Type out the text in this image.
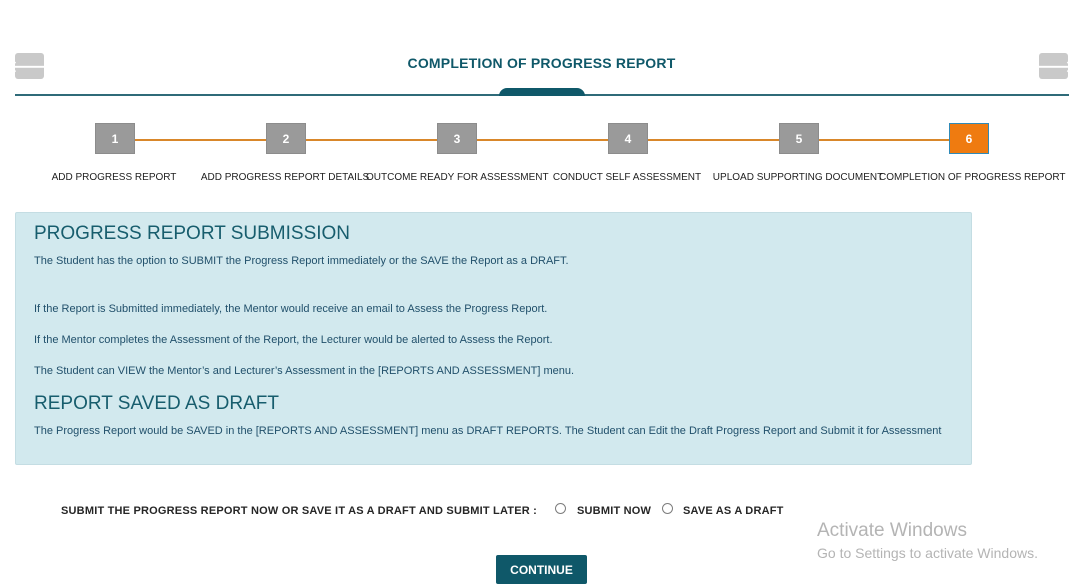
🡐	COMPLETION OF PROGRESS REPORT	🡒
1	2	3	4	5	6
ADD PROGRESS REPORT	ADD PROGRESS REPORT DETAILS
OUTCOME READY FOR ASSESSMENT CONDUCT SELF ASSESSMENT	UPLOAD SUPPORTING DOCUMENT
COMPLETION OF PROGRESS REPORT
PROGRESS REPORT SUBMISSION
The Student has the option to SUBMIT the Progress Report immediately or the SAVE the Report as a DRAFT.
If the Report is Submitted immediately, the Mentor would receive an email to Assess the Progress Report.
If the Mentor completes the Assessment of the Report, the Lecturer would be alerted to Assess the Report.
The Student can VIEW the Mentor’s and Lecturer’s Assessment in the [REPORTS AND ASSESSMENT] menu.
REPORT SAVED AS DRAFT
The Progress Report would be SAVED in the [REPORTS AND ASSESSMENT] menu as DRAFT REPORTS. The Student can Edit the Draft Progress Report and Submit it for Assessment
SUBMIT THE PROGRESS REPORT NOW OR SAVE IT AS A DRAFT AND SUBMIT LATER :	SUBMIT NOW	SAVE AS A DRAFT
CONTINUE
Activate Windows
Go to Settings to activate Windows.
